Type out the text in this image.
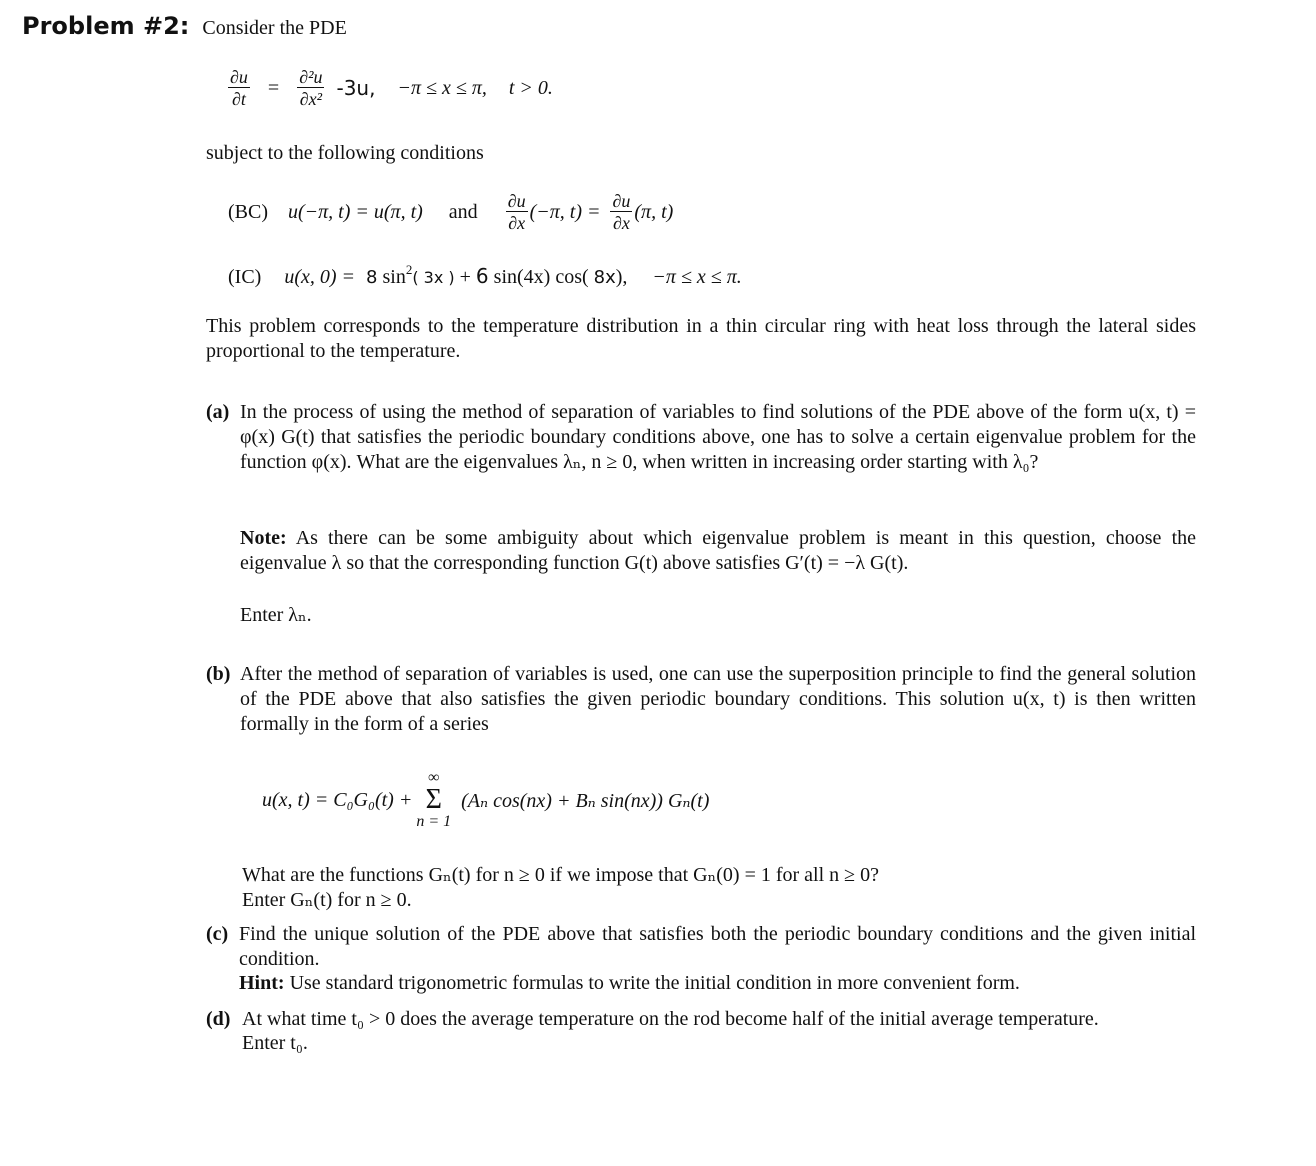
Problem #2: Consider the PDE
$\frac{\partial u}{\partial t} = \frac{\text{∂²u}}{\text{∂x²}} -3u$, −π ≤ x ≤ π, t > 0.
subject to the following conditions
(BC) u(−π, t) = u(π, t) and $\frac{\partial u}{\partial x} (-\pi$, $t) = \frac{\partial u}{\partial x} (\pi$, t)
(IC) u(x, 0) = 8 $\sin^2$( 3x ) + 6 sin(4x) cos( 8x), −π ≤ x ≤ π.
This problem corresponds to the temperature distribution in a thin circular ring with heat loss through the lateral sides proportional to the temperature.
(a) In the process of using the method of separation of variables to find solutions of the PDE above of the form u(x, t) = φ(x) G(t) that satisfies the periodic boundary conditions above, one has to solve a certain eigenvalue problem for the function φ(x). What are the eigenvalues λₙ, n ≥ 0, when written in increasing order starting with λ₀?
Note: As there can be some ambiguity about which eigenvalue problem is meant in this question, choose the eigenvalue λ so that the corresponding function G(t) above satisfies G′(t) = −λ G(t).
Enter λₙ.
(b) After the method of separation of variables is used, one can use the superposition principle to find the general solution of the PDE above that also satisfies the given periodic boundary conditions. This solution u(x, t) is then written formally in the form of a series
u(x, t) = C₀G₀(t) +
∞
Σ
n = 1
(Aₙ cos(nx) + Bₙ sin(nx)) Gₙ(t)
What are the functions Gₙ(t) for n ≥ 0 if we impose that Gₙ(0) = 1 for all n ≥ 0?
Enter Gₙ(t) for n ≥ 0.
(c) Find the unique solution of the PDE above that satisfies both the periodic boundary conditions and the given initial condition.
Hint: Use standard trigonometric formulas to write the initial condition in more convenient form.
(d) At what time t₀ > 0 does the average temperature on the rod become half of the initial average temperature.
Enter t₀.
